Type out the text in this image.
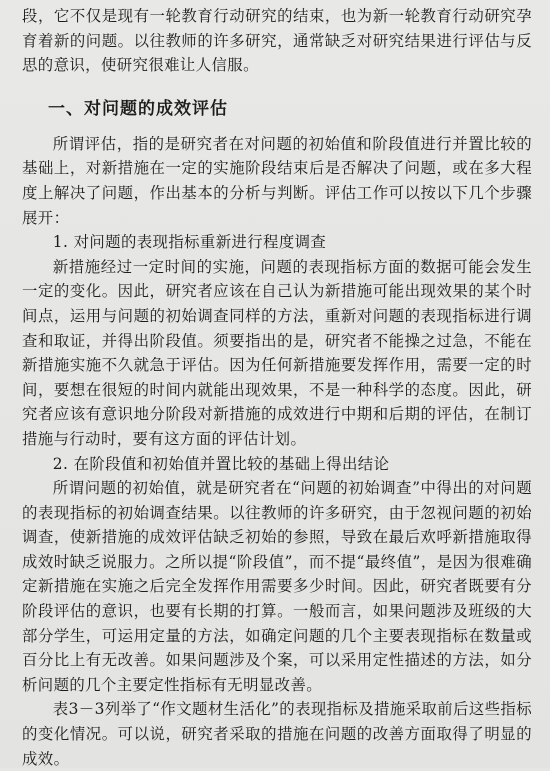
段，它不仅是现有一轮教育行动研究的结束，也为新一轮教育行动研究孕育着新的问题。以往教师的许多研究，通常缺乏对研究结果进行评估与反思的意识，使研究很难让人信服。

一、对问题的成效评估

所谓评估，指的是研究者在对问题的初始值和阶段值进行并置比较的基础上，对新措施在一定的实施阶段结束后是否解决了问题，或在多大程度上解决了问题，作出基本的分析与判断。评估工作可以按以下几个步骤展开：

1. 对问题的表现指标重新进行程度调查

新措施经过一定时间的实施，问题的表现指标方面的数据可能会发生一定的变化。因此，研究者应该在自己认为新措施可能出现效果的某个时间点，运用与问题的初始调查同样的方法，重新对问题的表现指标进行调查和取证，并得出阶段值。须要指出的是，研究者不能操之过急，不能在新措施实施不久就急于评估。因为任何新措施要发挥作用，需要一定的时间，要想在很短的时间内就能出现效果，不是一种科学的态度。因此，研究者应该有意识地分阶段对新措施的成效进行中期和后期的评估，在制订措施与行动时，要有这方面的评估计划。

2. 在阶段值和初始值并置比较的基础上得出结论

所谓问题的初始值，就是研究者在“问题的初始调查”中得出的对问题的表现指标的初始调查结果。以往教师的许多研究，由于忽视问题的初始调查，使新措施的成效评估缺乏初始的参照，导致在最后欢呼新措施取得成效时缺乏说服力。之所以提“阶段值”，而不提“最终值”，是因为很难确定新措施在实施之后完全发挥作用需要多少时间。因此，研究者既要有分阶段评估的意识，也要有长期的打算。一般而言，如果问题涉及班级的大部分学生，可运用定量的方法，如确定问题的几个主要表现指标在数量或百分比上有无改善。如果问题涉及个案，可以采用定性描述的方法，如分析问题的几个主要定性指标有无明显改善。

表3－3列举了“作文题材生活化”的表现指标及措施采取前后这些指标的变化情况。可以说，研究者采取的措施在问题的改善方面取得了明显的成效。
